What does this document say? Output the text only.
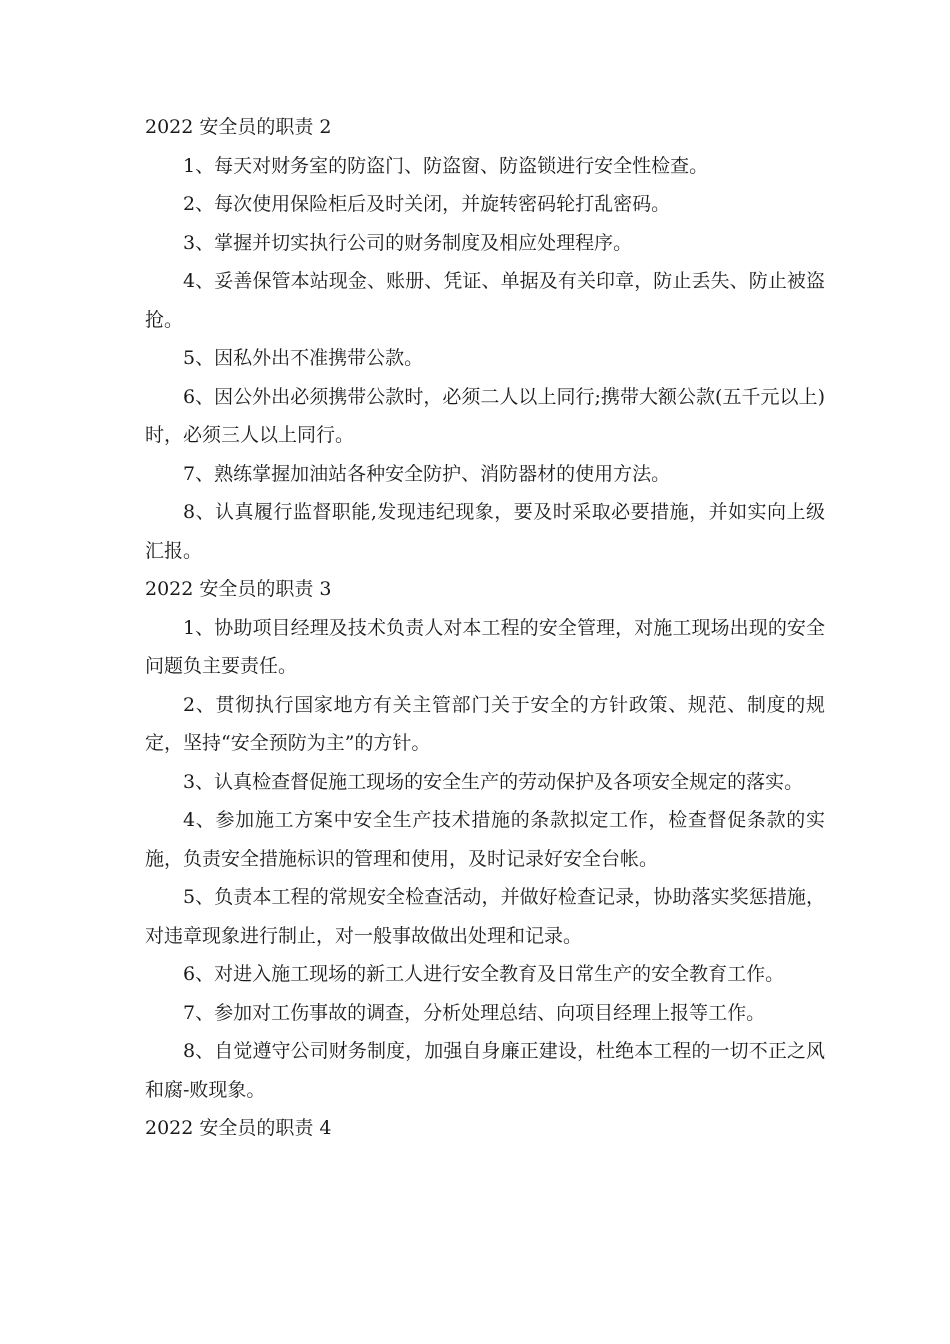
2022 安全员的职责 2

1、每天对财务室的防盗门、防盗窗、防盗锁进行安全性检查。

2、每次使用保险柜后及时关闭，并旋转密码轮打乱密码。

3、掌握并切实执行公司的财务制度及相应处理程序。

4、妥善保管本站现金、账册、凭证、单据及有关印章，防止丢失、防止被盗抢。

5、因私外出不准携带公款。

6、因公外出必须携带公款时，必须二人以上同行;携带大额公款(五千元以上)时，必须三人以上同行。

7、熟练掌握加油站各种安全防护、消防器材的使用方法。

8、认真履行监督职能,发现违纪现象，要及时采取必要措施，并如实向上级汇报。

2022 安全员的职责 3

1、协助项目经理及技术负责人对本工程的安全管理，对施工现场出现的安全问题负主要责任。

2、贯彻执行国家地方有关主管部门关于安全的方针政策、规范、制度的规定，坚持“安全预防为主”的方针。

3、认真检查督促施工现场的安全生产的劳动保护及各项安全规定的落实。

4、参加施工方案中安全生产技术措施的条款拟定工作，检查督促条款的实施，负责安全措施标识的管理和使用，及时记录好安全台帐。

5、负责本工程的常规安全检查活动，并做好检查记录，协助落实奖惩措施，对违章现象进行制止，对一般事故做出处理和记录。

6、对进入施工现场的新工人进行安全教育及日常生产的安全教育工作。

7、参加对工伤事故的调查，分析处理总结、向项目经理上报等工作。

8、自觉遵守公司财务制度，加强自身廉正建设，杜绝本工程的一切不正之风和腐-败现象。

2022 安全员的职责 4
